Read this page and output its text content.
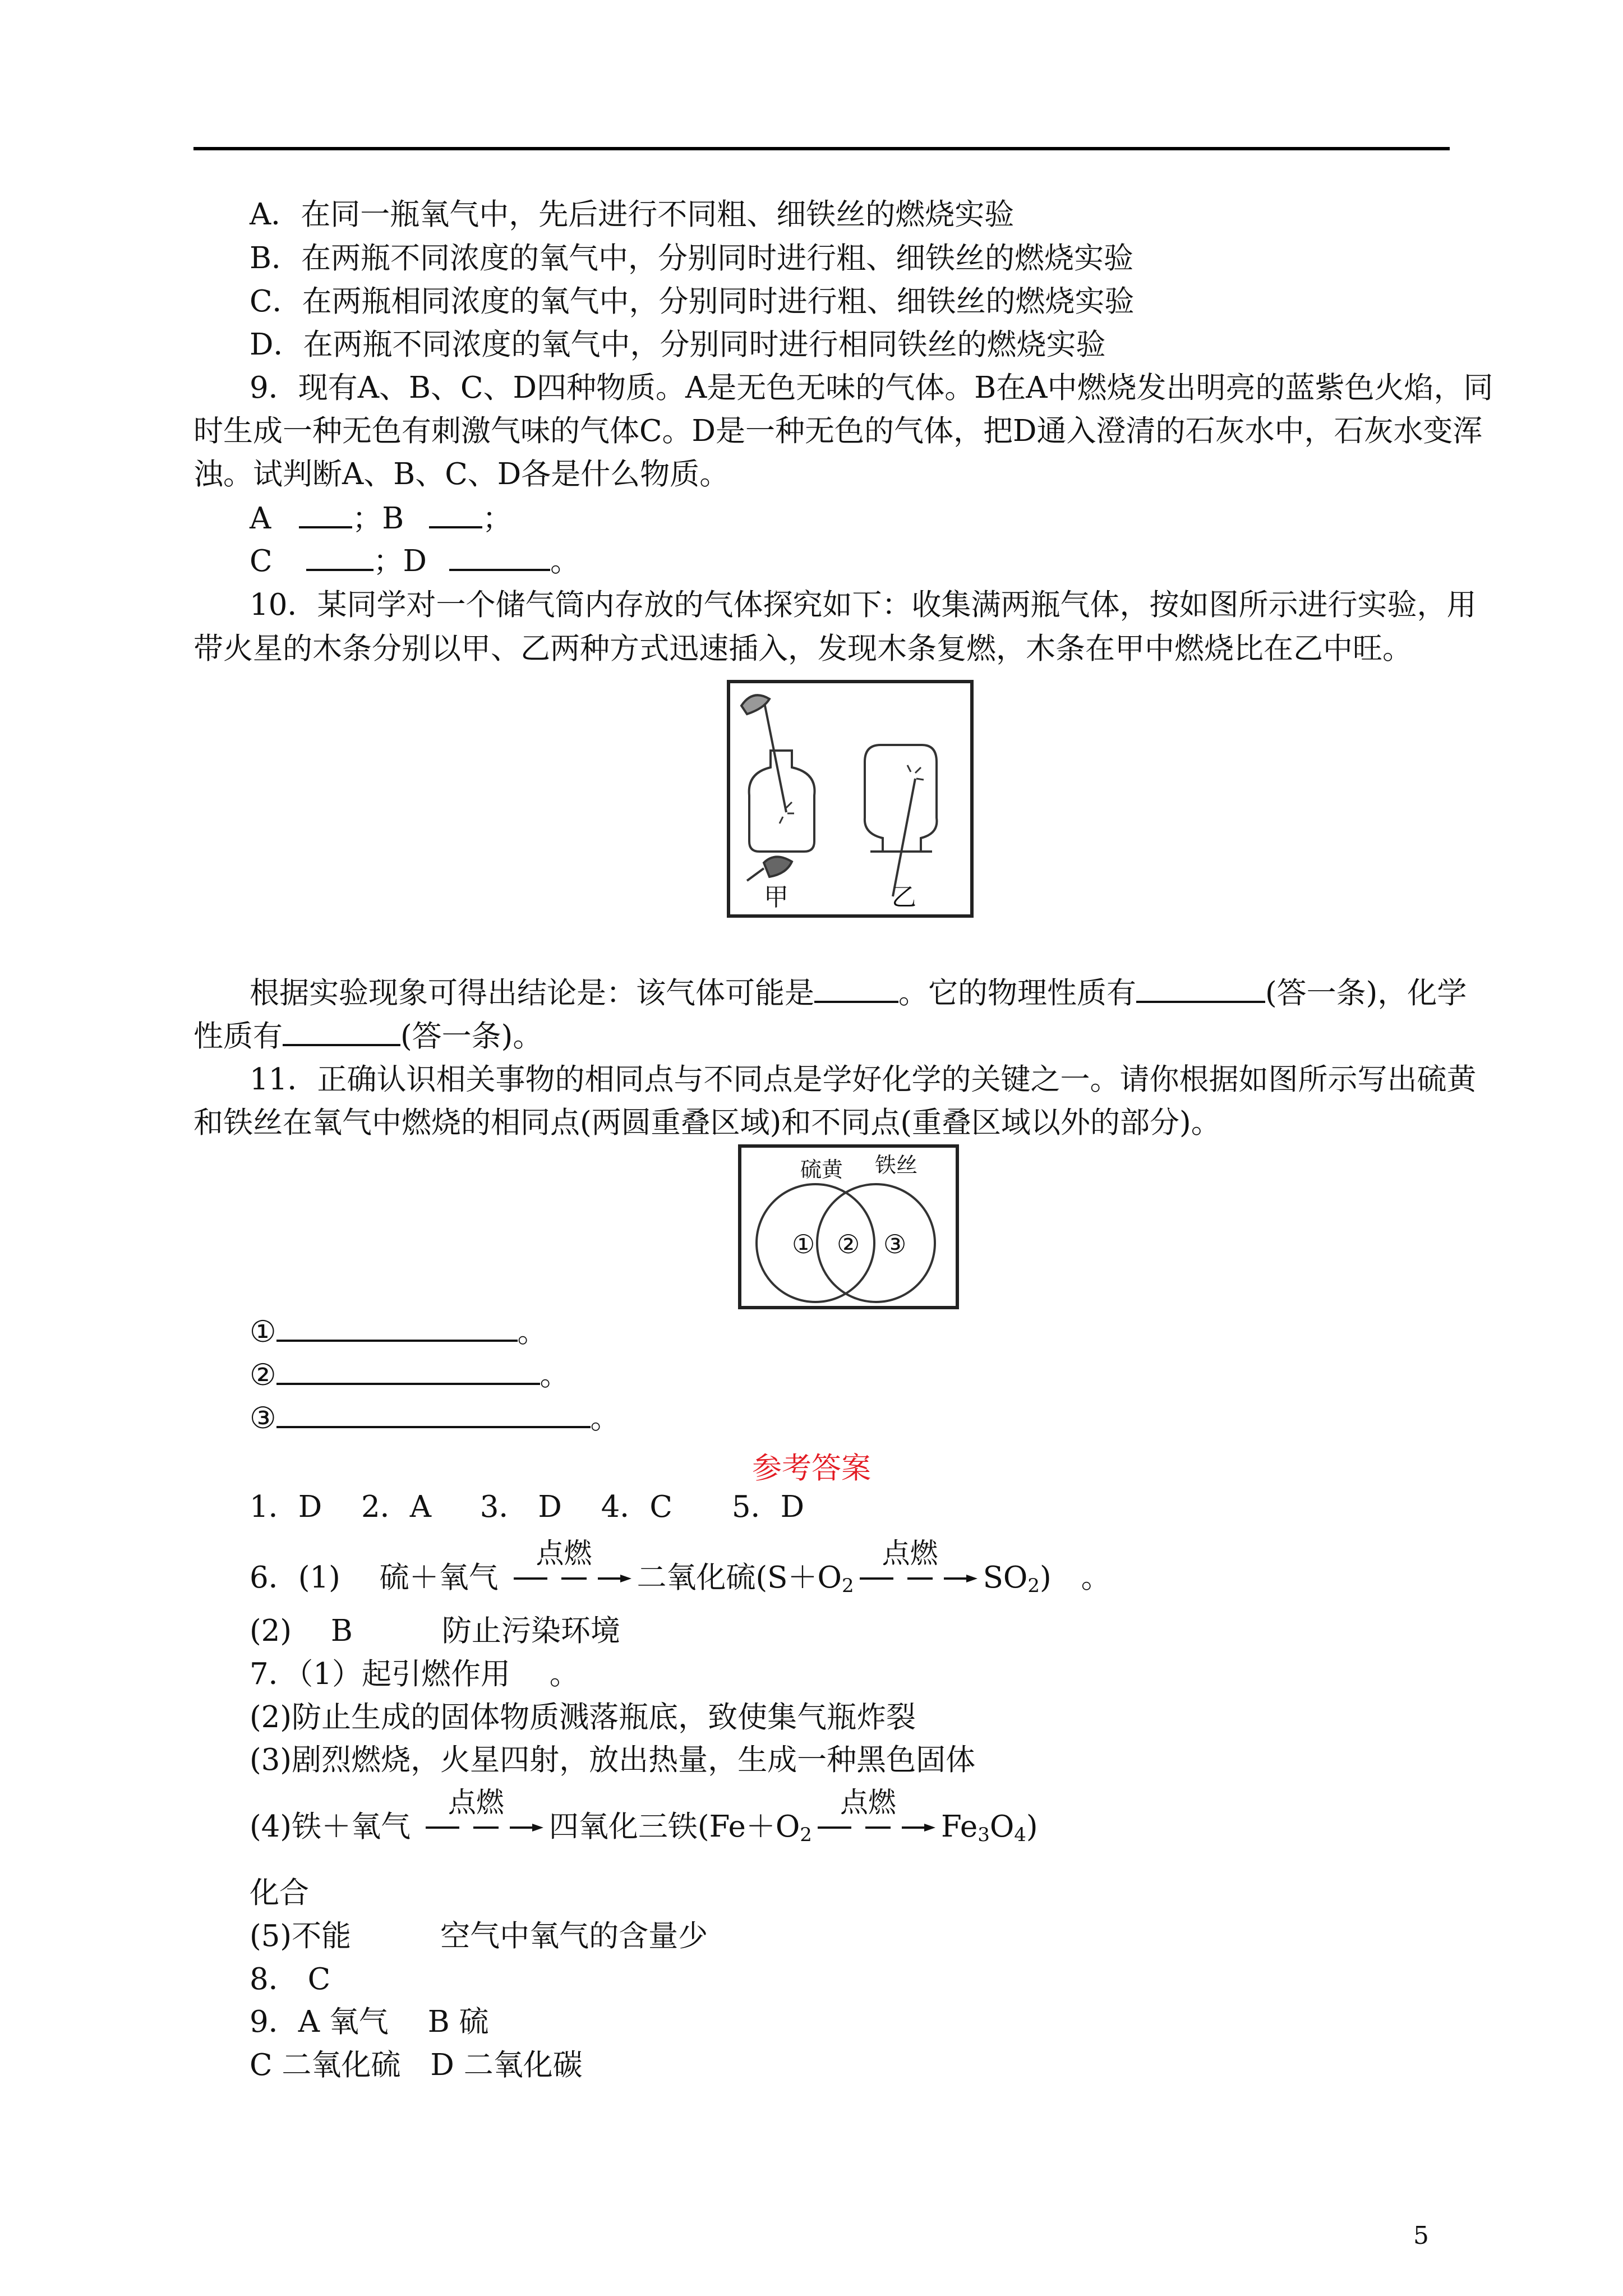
A．在同一瓶氧气中，先后进行不同粗、细铁丝的燃烧实验
B．在两瓶不同浓度的氧气中，分别同时进行粗、细铁丝的燃烧实验
C．在两瓶相同浓度的氧气中，分别同时进行粗、细铁丝的燃烧实验
D．在两瓶不同浓度的氧气中，分别同时进行相同铁丝的燃烧实验
9．现有A、B、C、D四种物质。A是无色无味的气体。B在A中燃烧发出明亮的蓝紫色火焰，同
时生成一种无色有刺激气味的气体C。D是一种无色的气体，把D通入澄清的石灰水中，石灰水变浑
浊。试判断A、B、C、D各是什么物质。
A	；B	；
C	；D	。
10．某同学对一个储气筒内存放的气体探究如下：收集满两瓶气体，按如图所示进行实验，用
带火星的木条分别以甲、乙两种方式迅速插入，发现木条复燃，木条在甲中燃烧比在乙中旺。
甲	乙
根据实验现象可得出结论是：该气体可能是	。它的物理性质有	(答一条)，化学
性质有	(答一条)。
11．正确认识相关事物的相同点与不同点是学好化学的关键之一。请你根据如图所示写出硫黄
和铁丝在氧气中燃烧的相同点(两圆重叠区域)和不同点(重叠区域以外的部分)。
硫黄 铁丝
① ② ③
①	。
②	。
③	。
参考答案
1．D　 2．A 　 3． D　 4．C　　5．D
6．(1)　 硫＋氧气
点燃
二氧化硫($S+O_2$
点燃
$SO_2$)　。
(2)　 B　　　防止污染环境
7．（1）起引燃作用　 。
(2)防止生成的固体物质溅落瓶底，致使集气瓶炸裂
(3)剧烈燃烧，火星四射，放出热量，生成一种黑色固体
(4)铁＋氧气
点燃
四氧化三铁($Fe+O_2$
点燃
$Fe_3O_4$)
化合
(5)不能　　　空气中氧气的含量少
8． C
9．A 氧气　 B 硫
C 二氧化硫　D 二氧化碳
5
